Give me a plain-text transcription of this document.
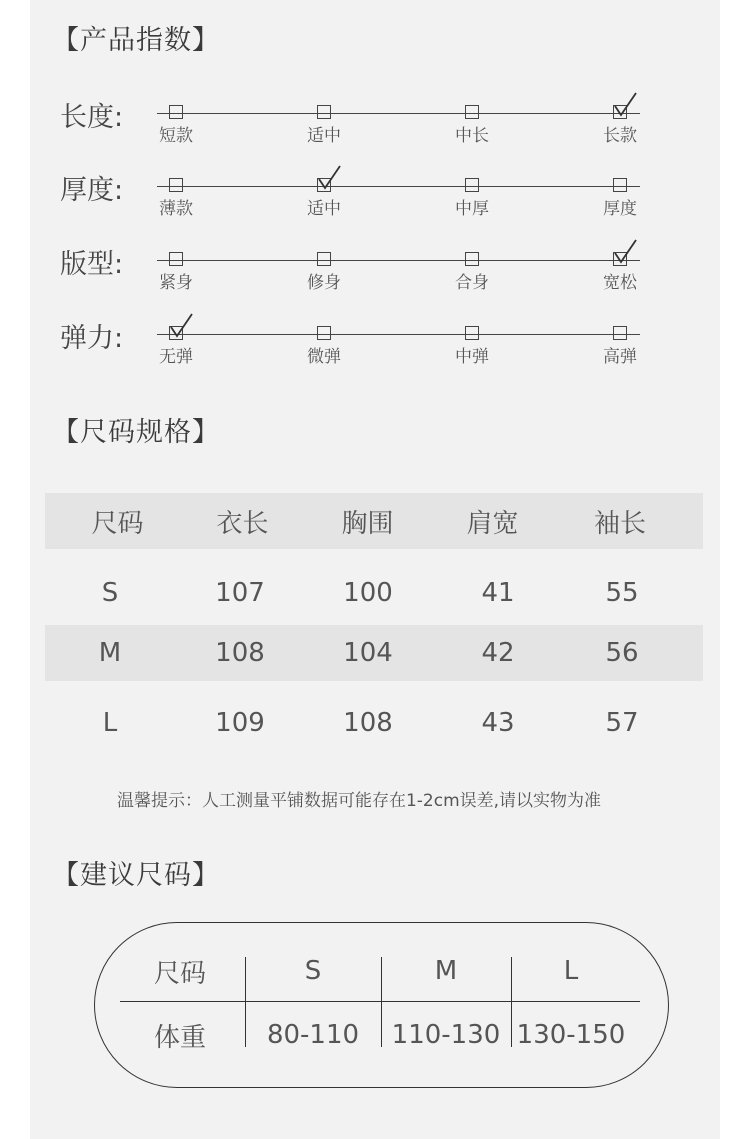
【产品指数】
长度:
短款	适中	中长	长款
厚度:
薄款	适中	中厚	厚度
版型:
紧身	修身	合身	宽松
弹力:
无弹	微弹	中弹	高弹
【尺码规格】
尺码	衣长	胸围	肩宽	袖长
S	107	100	41	55
M	108	104	42	56
L	109	108	43	57
温馨提示：人工测量平铺数据可能存在1-2cm误差,请以实物为准
【建议尺码】
尺码	S	M	L
体重	80-110	110-130 130-150
